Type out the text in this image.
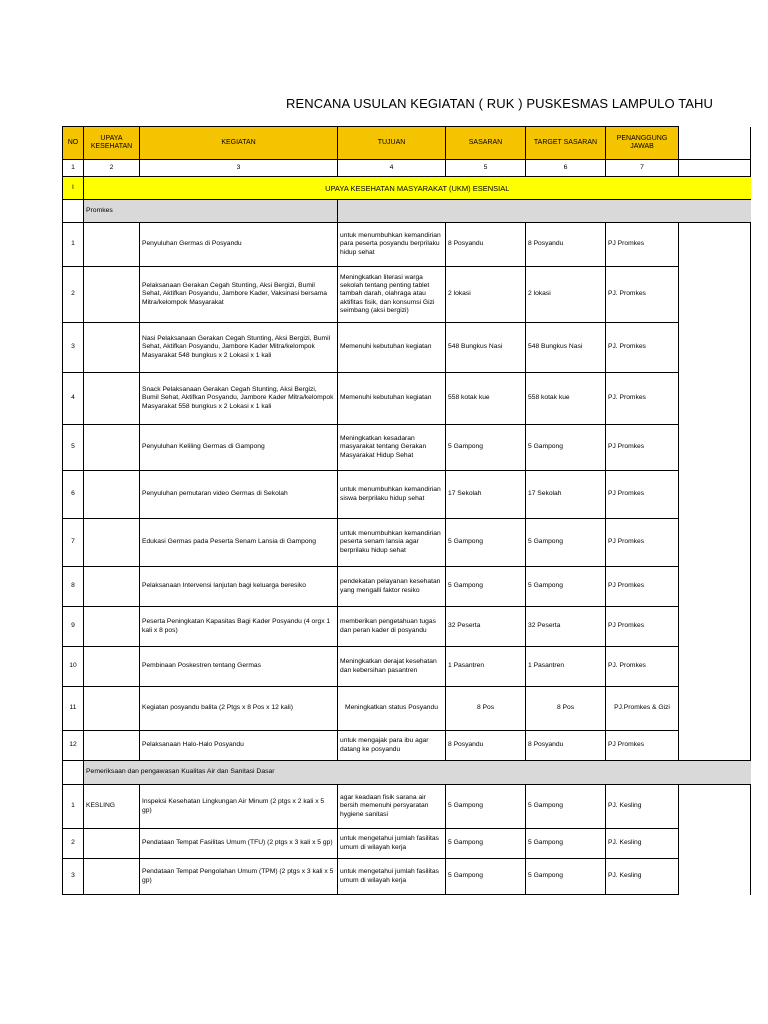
RENCANA USULAN KEGIATAN ( RUK ) PUSKESMAS LAMPULO TAHU
NO	UPAYA KESEHATAN	KEGIATAN	TUJUAN	SASARAN	TARGET SASARAN	PENANGGUNG JAWAB	
1	2	3	4	5	6	7	
I	UPAYA KESEHATAN MASYARAKAT (UKM) ESENSIAL						
	Promkes						
1		Penyuluhan Germas di Posyandu	untuk menumbuhkan kemandirian para peserta posyandu berprilaku hidup sehat	8 Posyandu	8 Posyandu	PJ Promkes	
2		Pelaksanaan Gerakan Cegah Stunting, Aksi Bergizi, Bumil Sehat, Aktifkan Posyandu, Jambore Kader, Vaksinasi bersama Mitra/kelompok Masyarakat	Meningkatkan literasi warga sekolah tentang penting tablet tambah darah, olahraga atau aktifitas fisik, dan konsumsi Gizi seimbang (aksi bergizi)	2 lokasi	2 lokasi	PJ. Promkes	
3		Nasi Pelaksanaan Gerakan Cegah Stunting, Aksi Bergizi, Bumil Sehat, Aktifkan Posyandu, Jambore Kader Mitra/kelompok Masyarakat 548 bungkus x 2 Lokasi x 1 kali	Memenuhi kebutuhan kegiatan	548 Bungkus Nasi	548 Bungkus Nasi	PJ. Promkes	
4		Snack Pelaksanaan Gerakan Cegah Stunting, Aksi Bergizi, Bumil Sehat, Aktifkan Posyandu, Jambore Kader Mitra/kelompok Masyarakat 558 bungkus x 2 Lokasi x 1 kali	Memenuhi kebutuhan kegiatan	558 kotak kue	558 kotak kue	PJ. Promkes	
5		Penyuluhan Keliling Germas di Gampong	Meningkatkan kesadaran masyarakat tentang Gerakan Masyarakat Hidup Sehat	5 Gampong	5 Gampong	PJ Promkes	
6		Penyuluhan pemutaran video Germas di Sekolah	untuk menumbuhkan kemandirian siswa berprilaku hidup sehat	17 Sekolah	17 Sekolah	PJ Promkes	
7		Edukasi Germas pada Peserta Senam Lansia di Gampong	untuk menumbuhkan kemandirian peserta senam lansia agar berprilaku hidup sehat	5 Gampong	5 Gampong	PJ Promkes	
8		Pelaksanaan Intervensi lanjutan bagi keluarga beresiko	pendekatan pelayanan kesehatan yang mengalli faktor resiko	5 Gampong	5 Gampong	PJ Promkes	
9		Peserta Peningkatan Kapasitas Bagi Kader Posyandu (4 orgx 1 kali x 8 pos)	memberikan pengetahuan tugas dan peran kader di posyandu	32 Peserta	32 Peserta	PJ Promkes	
10		Pembinaan Poskestren tentang Germas	Meningkatkan derajat kesehatan dan kebersihan pasantren	1 Pasantren	1 Pasantren	PJ. Promkes	
11		Kegiatan posyandu balita (2 Ptgs x 8 Pos x 12 kali)	Meningkatkan status Posyandu	8 Pos	8 Pos	PJ.Promkes & Gizi	
12		Pelaksanaan Halo-Halo Posyandu	untuk mengajak para ibu agar datang ke posyandu	8 Posyandu	8 Posyandu	PJ Promkes	
	Pemeriksaan dan pengawasan Kualitas Air dan Sanitasi Dasar						
1	KESLING	Inspeksi Kesehatan Lingkungan Air Minum (2 ptgs x 2 kali x 5 gp)	agar keadaan fisik sarana air bersih memenuhi persyaratan hygiene sanitasi	5 Gampong	5 Gampong	PJ. Kesling	
2		Pendataan Tempat Fasilitas Umum (TFU) (2 ptgs x 3 kali x 5 gp)	untuk mengetahui jumlah fasilitas umum di wilayah kerja	5 Gampong	5 Gampong	PJ. Kesling	
3		Pendataan Tempat Pengolahan Umum (TPM) (2 ptgs x 3 kali x 5 gp)	untuk mengetahui jumlah fasilitas umum di wilayah kerja	5 Gampong	5 Gampong	PJ. Kesling	
